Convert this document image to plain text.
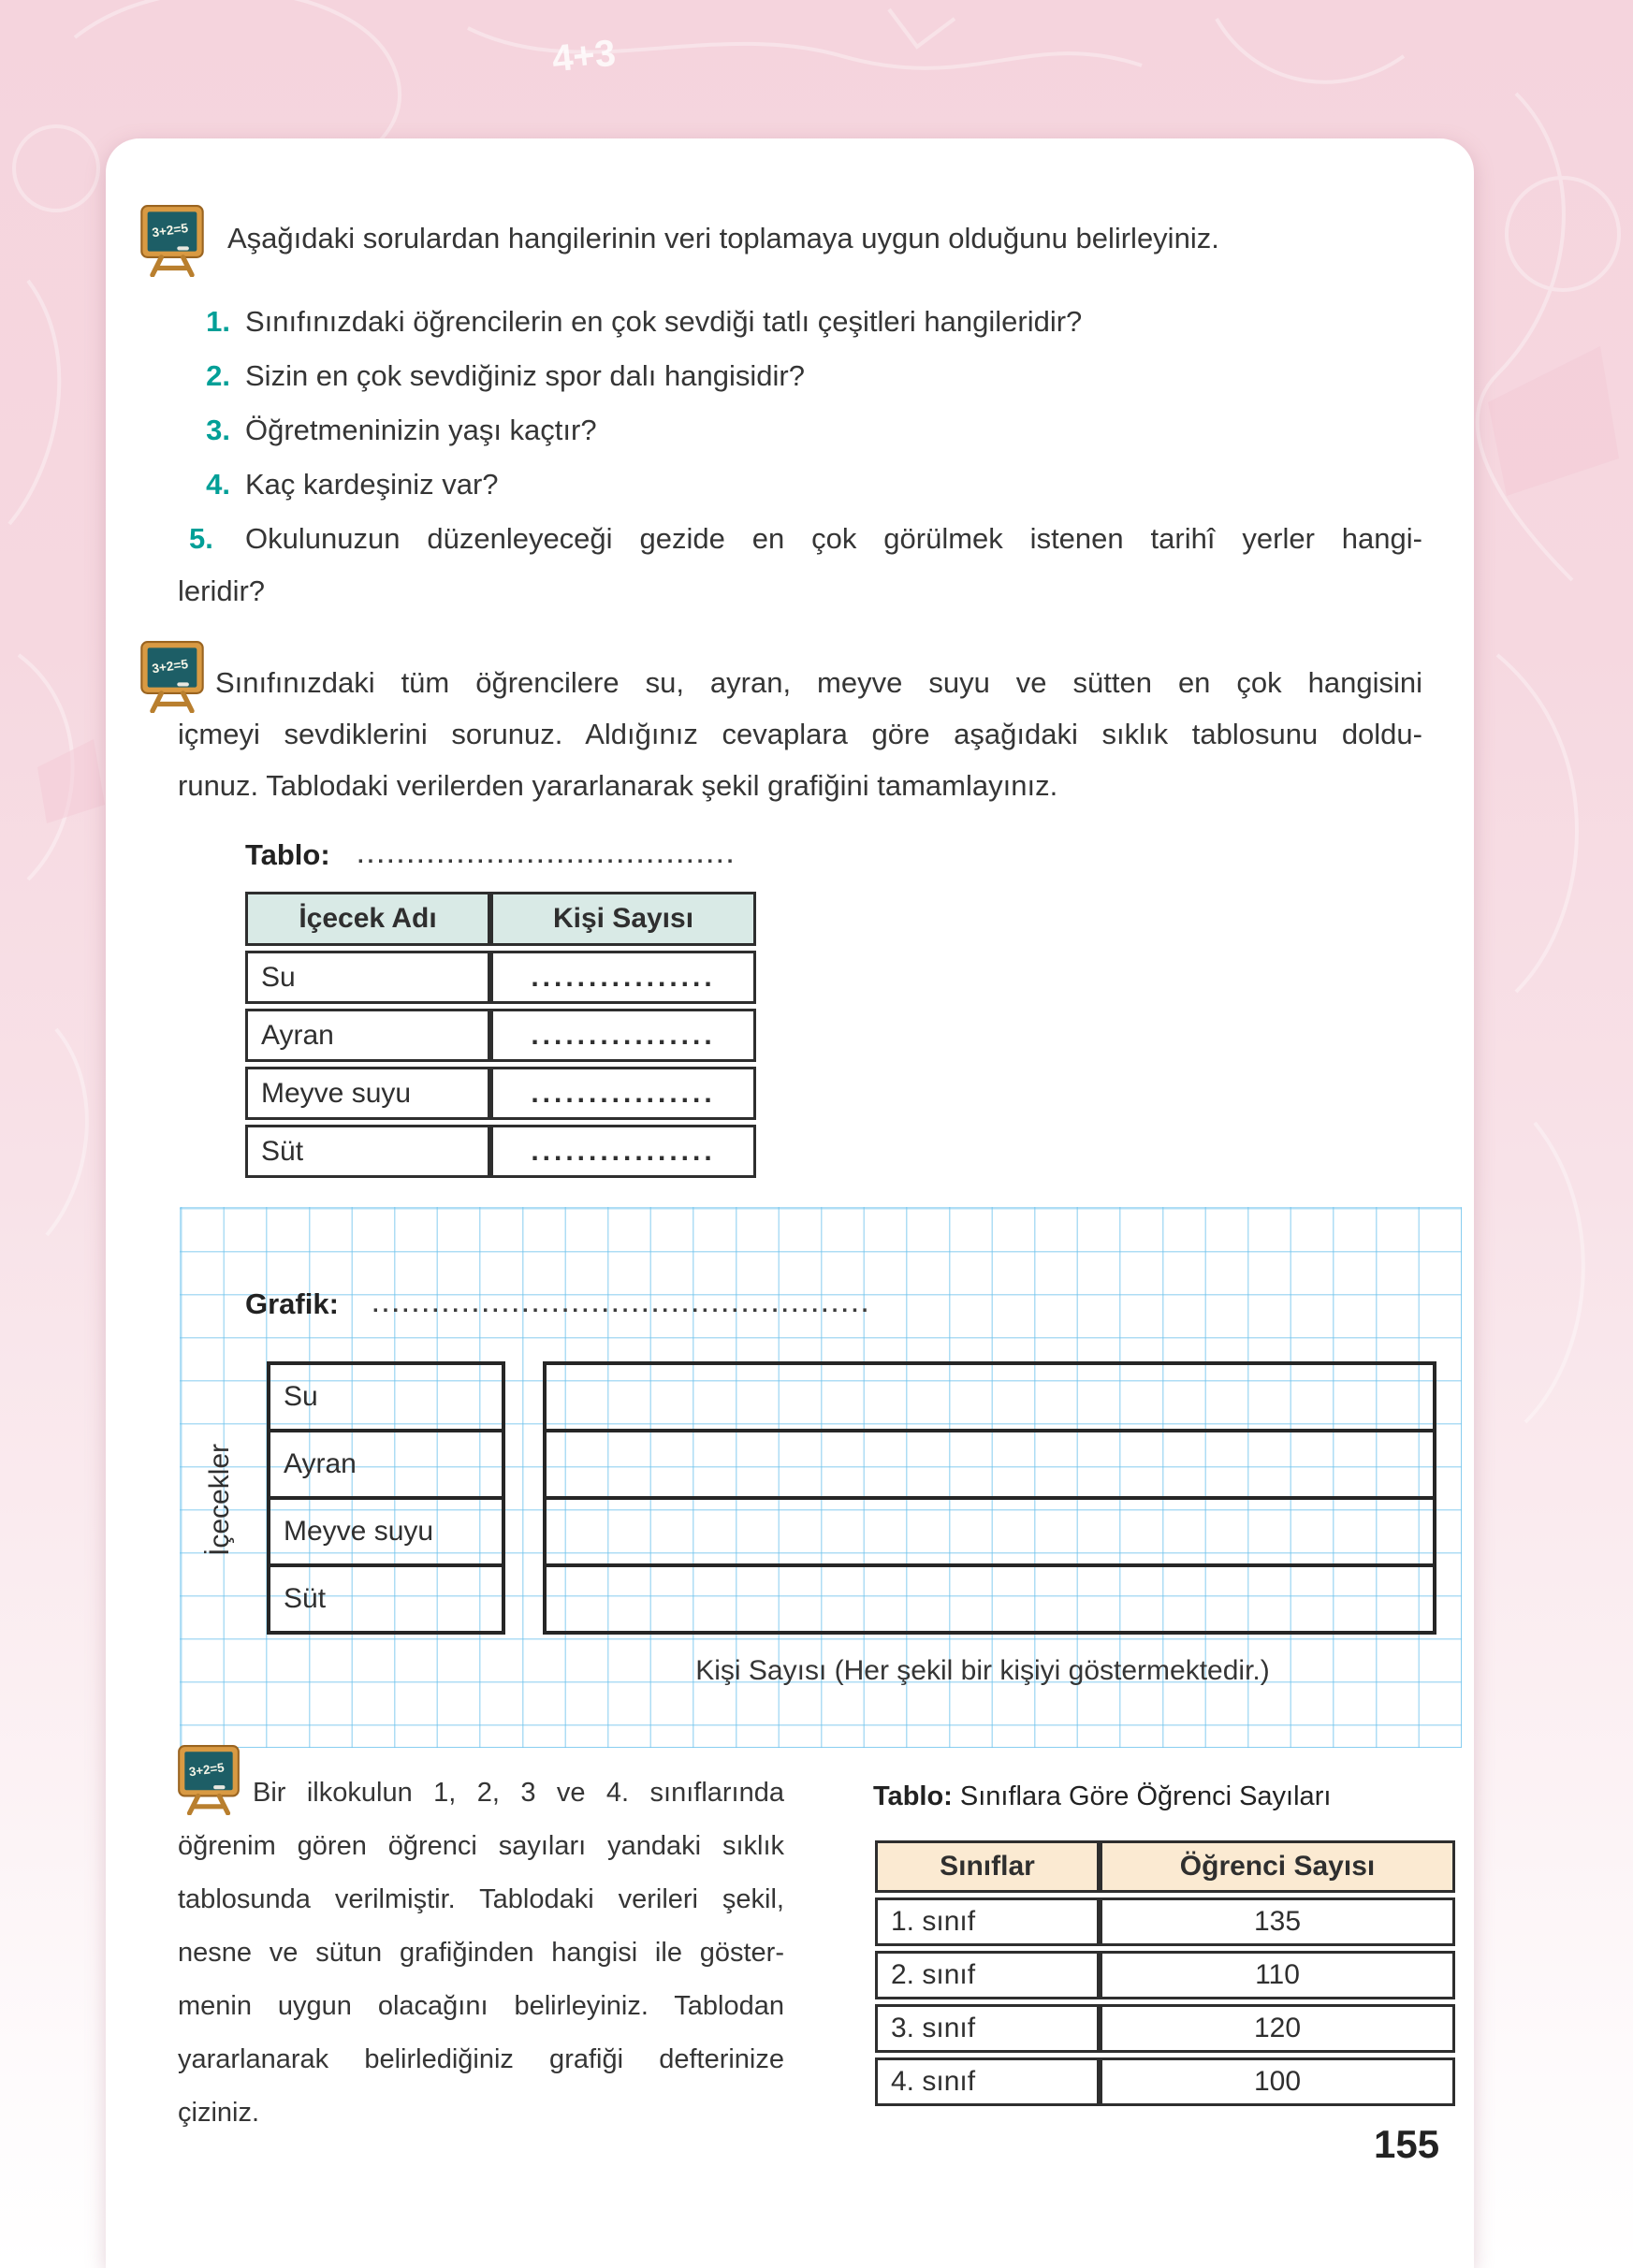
4+3
3+2=5 Aşağıdaki sorulardan hangilerinin veri toplamaya uygun olduğunu belirleyiniz.
1. Sınıfınızdaki öğrencilerin en çok sevdiği tatlı çeşitleri hangileridir?
2. Sizin en çok sevdiğiniz spor dalı hangisidir?
3. Öğretmeninizin yaşı kaçtır?
4. Kaç kardeşiniz var?
5. Okulunuzun düzenleyeceği gezide en çok görülmek istenen tarihî yerler hangi-
leridir?
3+2=5 Sınıfınızdaki tüm öğrencilere su, ayran, meyve suyu ve sütten en çok hangisini
içmeyi sevdiklerini sorunuz. Aldığınız cevaplara göre aşağıdaki sıklık tablosunu doldu-
runuz. Tablodaki verilerden yararlanarak şekil grafiğini tamamlayınız.
Tablo: ......................................
İçecek Adı	Kişi Sayısı
Su	................
Ayran	................
Meyve suyu	................
Süt	................
Grafik: ..................................................
İçecekler
Su
Ayran
Meyve suyu
Süt

Kişi Sayısı (Her şekil bir kişiyi göstermektedir.)
3+2=5
Bir ilkokulun 1, 2, 3 ve 4. sınıflarında
öğrenim gören öğrenci sayıları yandaki sıklık
tablosunda verilmiştir. Tablodaki verileri şekil,
nesne ve sütun grafiğinden hangisi ile göster-
menin uygun olacağını belirleyiniz. Tablodan
yararlanarak belirlediğiniz grafiği defterinize
çiziniz.
Tablo: Sınıflara Göre Öğrenci Sayıları
Sınıflar	Öğrenci Sayısı
1. sınıf	135
2. sınıf	110
3. sınıf	120
4. sınıf	100
155
